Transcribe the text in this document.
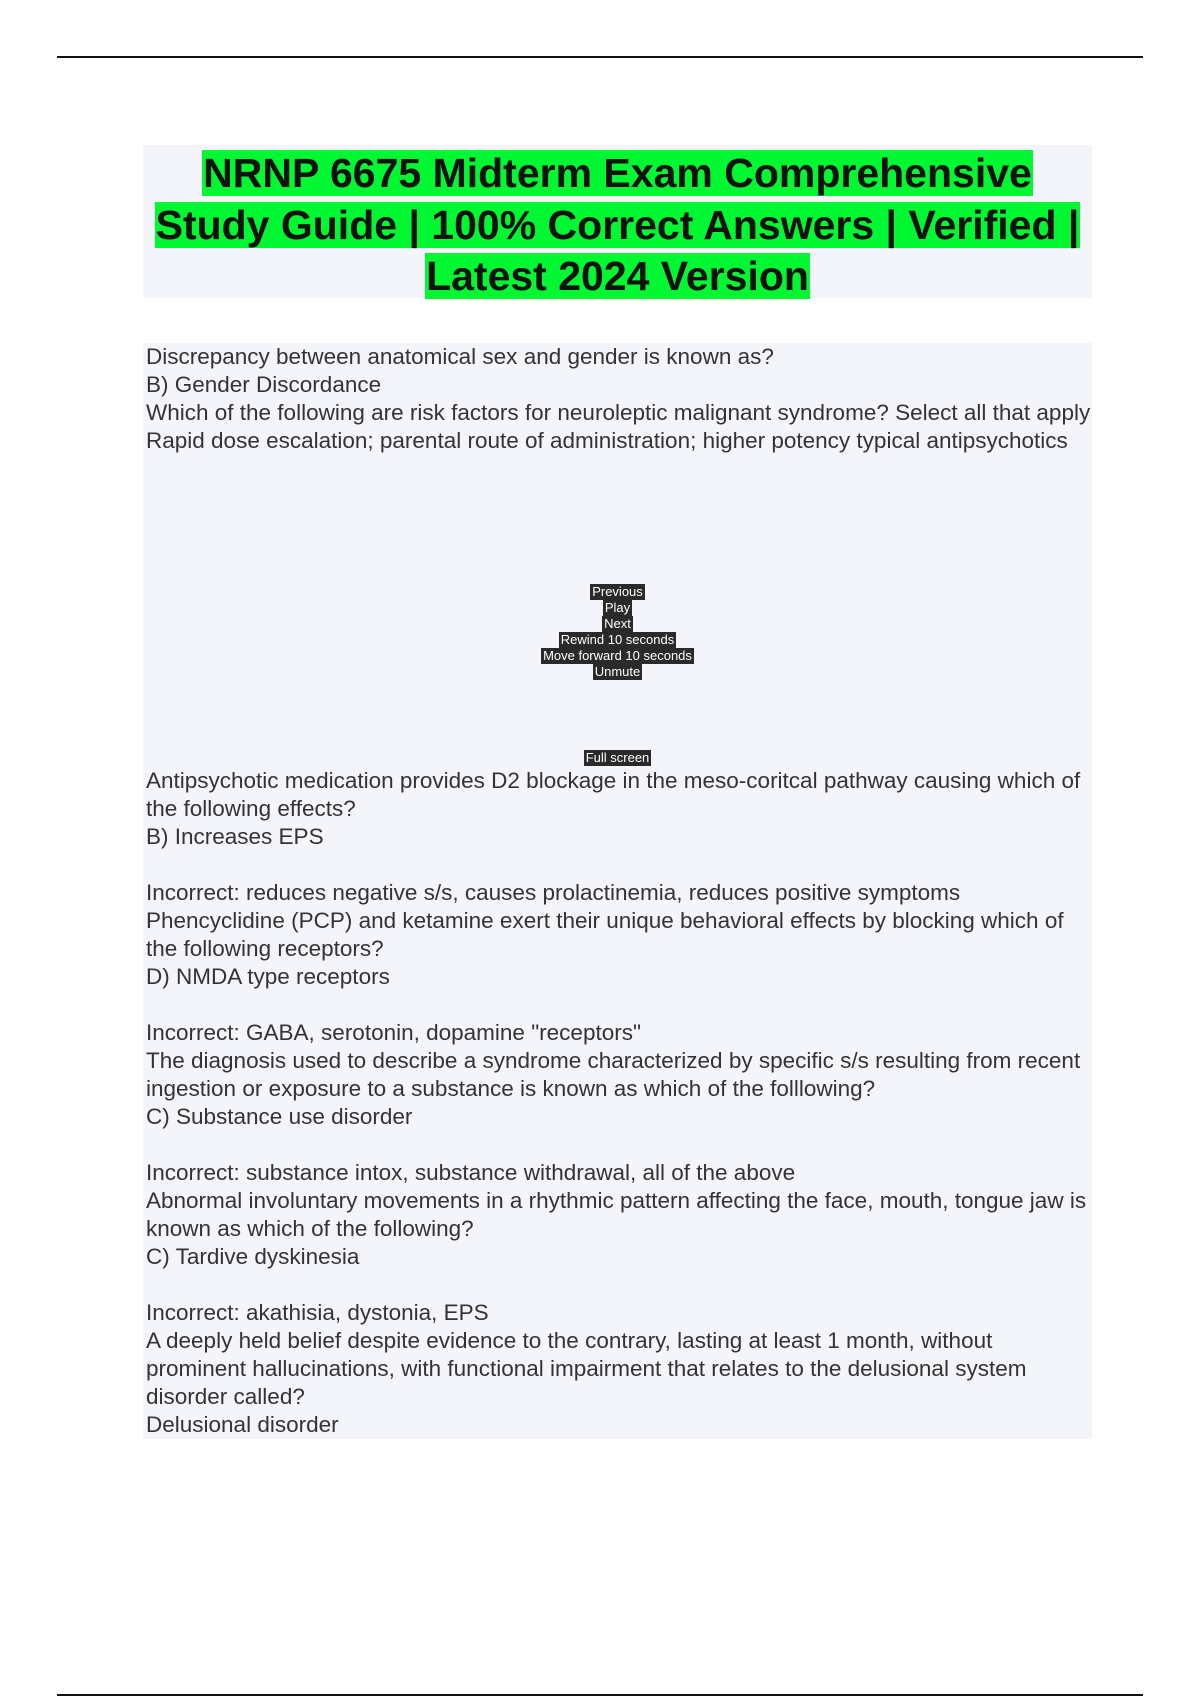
NRNP 6675 Midterm Exam Comprehensive Study Guide | 100% Correct Answers | Verified | Latest 2024 Version

Discrepancy between anatomical sex and gender is known as?

B) Gender Discordance

Which of the following are risk factors for neuroleptic malignant syndrome? Select all that apply

Rapid dose escalation; parental route of administration; higher potency typical antipsychotics

Previous
Play
Next
Rewind 10 seconds
Move forward 10 seconds
Unmute
Full screen

Antipsychotic medication provides D2 blockage in the meso-coritcal pathway causing which of the following effects?

B) Increases EPS

Incorrect: reduces negative s/s, causes prolactinemia, reduces positive symptoms

Phencyclidine (PCP) and ketamine exert their unique behavioral effects by blocking which of the following receptors?

D) NMDA type receptors

Incorrect: GABA, serotonin, dopamine "receptors"

The diagnosis used to describe a syndrome characterized by specific s/s resulting from recent ingestion or exposure to a substance is known as which of the folllowing?

C) Substance use disorder

Incorrect: substance intox, substance withdrawal, all of the above

Abnormal involuntary movements in a rhythmic pattern affecting the face, mouth, tongue jaw is known as which of the following?

C) Tardive dyskinesia

Incorrect: akathisia, dystonia, EPS

A deeply held belief despite evidence to the contrary, lasting at least 1 month, without prominent hallucinations, with functional impairment that relates to the delusional system disorder called?

Delusional disorder
